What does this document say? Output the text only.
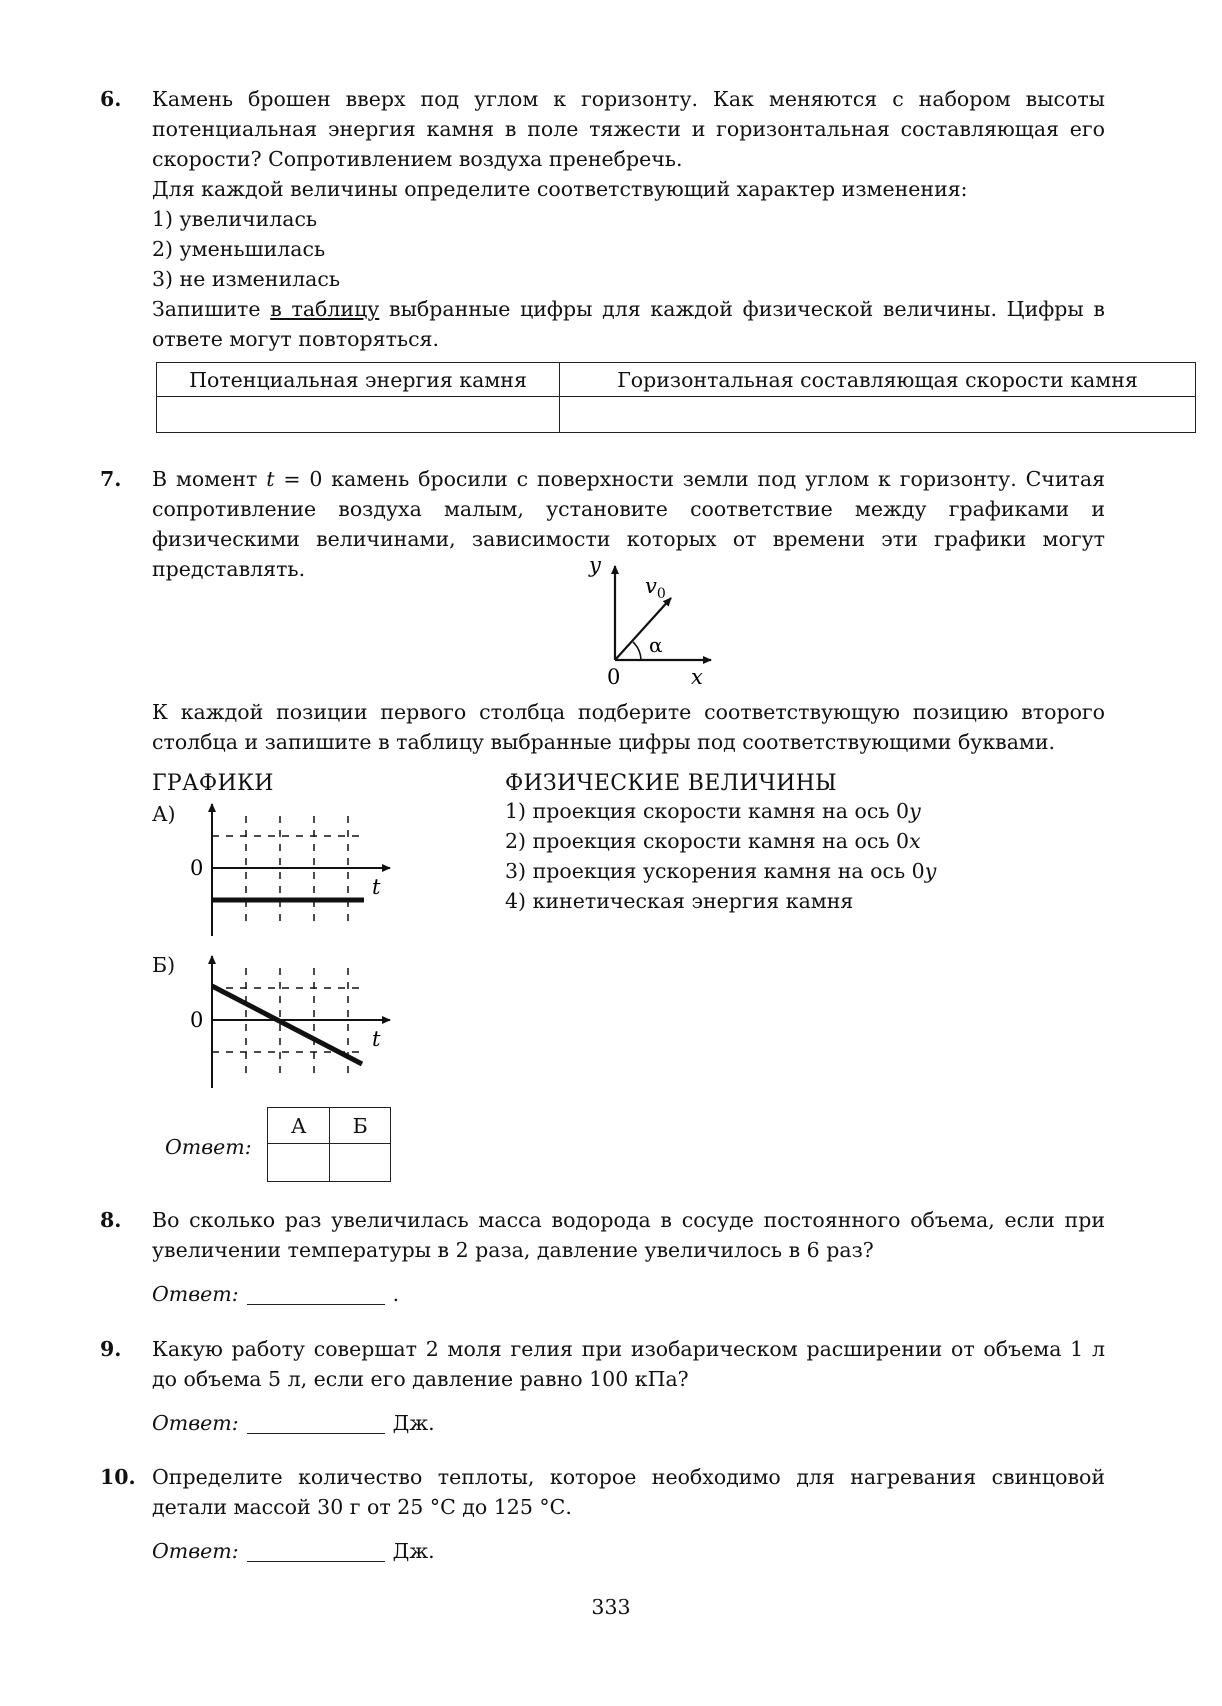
6.	Камень брошен вверх под углом к горизонту. Как меняются с набором высоты потенциальная энергия камня в поле тяжести и горизонтальная составляющая его скорости? Сопротивлением воздуха пренебречь.

Для каждой величины определите соответствующий характер изменения:

1) увеличилась

2) уменьшилась

3) не изменилась

Запишите в таблицу выбранные цифры для каждой физической величины. Цифры в ответе могут повторяться.

Потенциальная энергия камня	Горизонтальная составляющая скорости камня

7.	В момент t = 0 камень бросили с поверхности земли под углом к горизонту. Считая сопротивление воздуха малым, установите соответствие между графиками и физическими величинами, зависимости которых от времени эти графики могут представлять.	y
x
0
$v_0$
α

К каждой позиции первого столбца подберите соответствующую позицию второго столбца и запишите в таблицу выбранные цифры под соответствующими буквами.

ГРАФИКИ	ФИЗИЧЕСКИЕ ВЕЛИЧИНЫ

1) проекция скорости камня на ось 0y

2) проекция скорости камня на ось 0x

3) проекция ускорения камня на ось 0y

4) кинетическая энергия камня

А)
0
t
Б)
0
t
Ответ:
А	Б

8.	Во сколько раз увеличилась масса водорода в сосуде постоянного объема, если при увеличении температуры в 2 раза, давление увеличилось в 6 раз?

Ответ:	.

9.	Какую работу совершат 2 моля гелия при изобарическом расширении от объема 1 л до объема 5 л, если его давление равно 100 кПа?

Ответ:	Дж.

10. Определите количество теплоты, которое необходимо для нагревания свинцовой детали массой 30 г от 25 °С до 125 °С.

Ответ:	Дж.

333
